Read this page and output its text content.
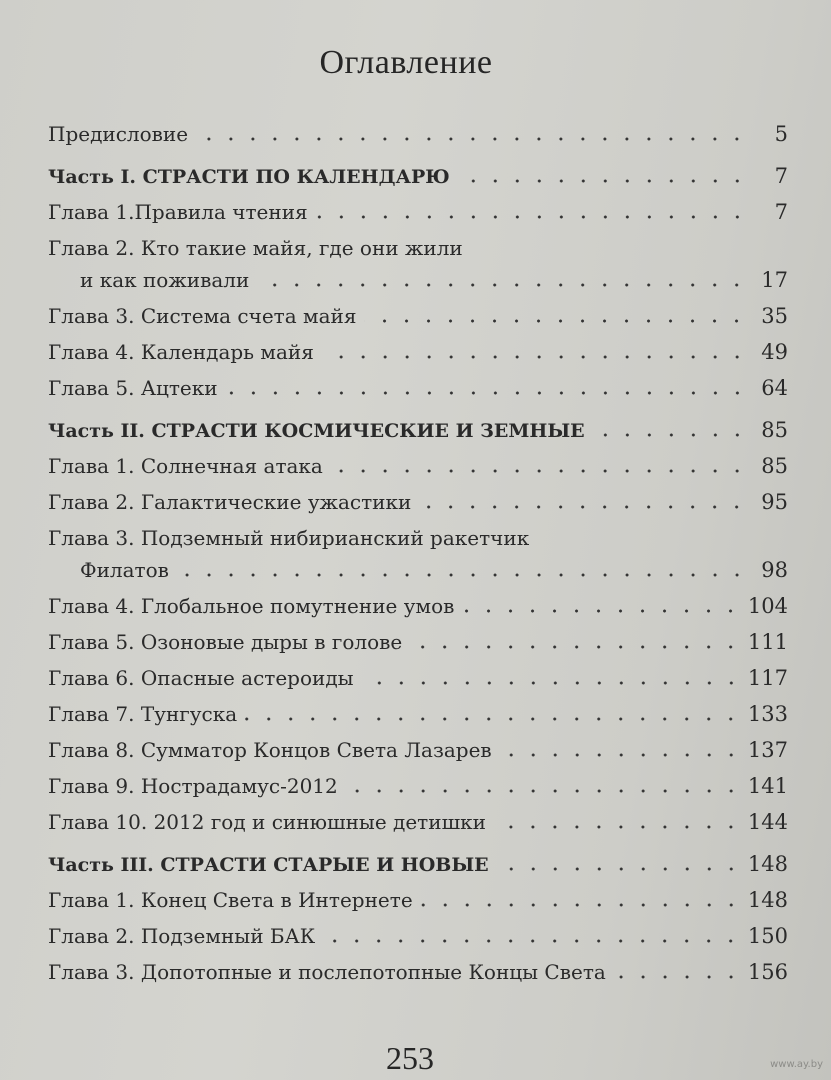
Оглавление
Предисловие	5
Часть I. СТРАСТИ ПО КАЛЕНДАРЮ	7
Глава 1.Правила чтения	7
Глава 2. Кто такие майя, где они жили
и как поживали	17
Глава 3. Система счета майя	35
Глава 4. Календарь майя	49
Глава 5. Ацтеки	64
Часть II. СТРАСТИ КОСМИЧЕСКИЕ И ЗЕМНЫЕ	85
Глава 1. Солнечная атака	85
Глава 2. Галактические ужастики	95
Глава 3. Подземный нибирианский ракетчик
Филатов	98
Глава 4. Глобальное помутнение умов	104
Глава 5. Озоновые дыры в голове	111
Глава 6. Опасные астероиды	117
Глава 7. Тунгуска	133
Глава 8. Сумматор Концов Света Лазарев	137
Глава 9. Нострадамус-2012	141
Глава 10. 2012 год и синюшные детишки	144
Часть III. СТРАСТИ СТАРЫЕ И НОВЫЕ	148
Глава 1. Конец Света в Интернете	148
Глава 2. Подземный БАК	150
Глава 3. Допотопные и послепотопные Концы Света	156
253	www.ay.by
